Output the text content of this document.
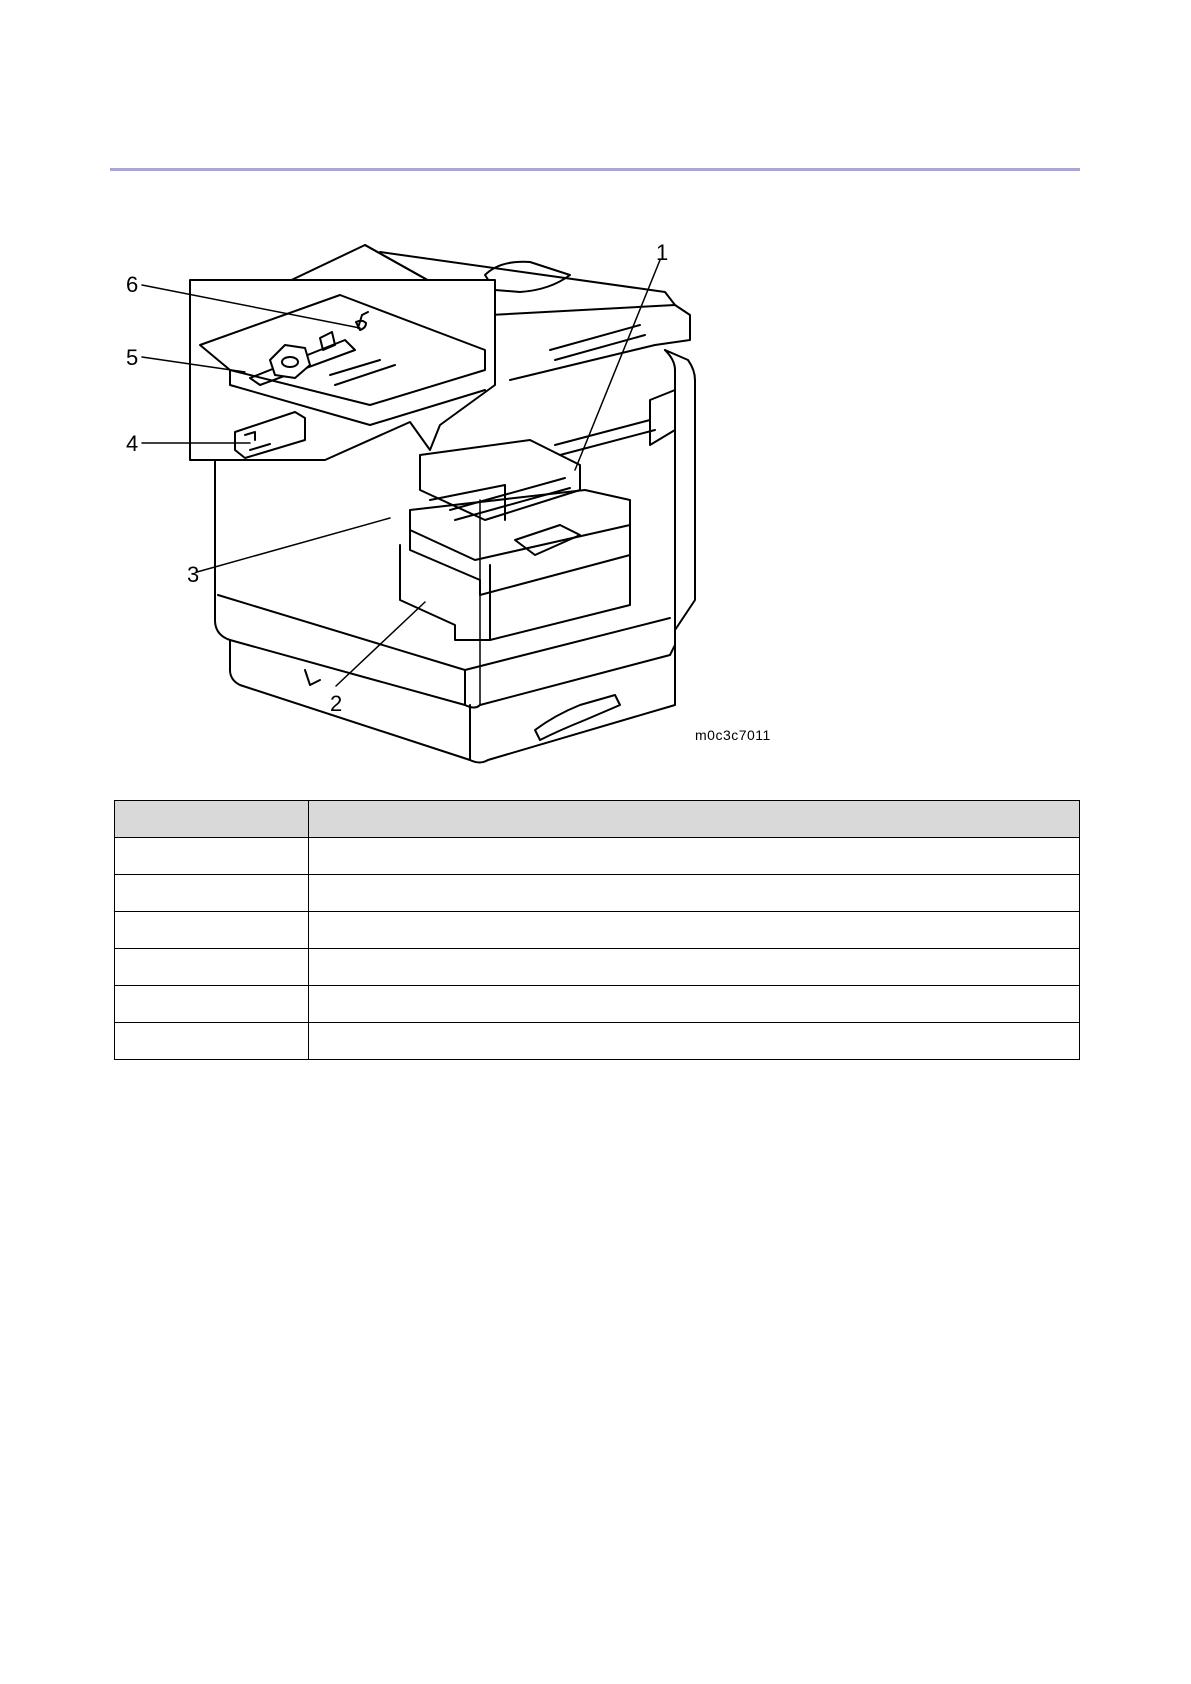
1
2
3
4
5
6
m0c3c7011
